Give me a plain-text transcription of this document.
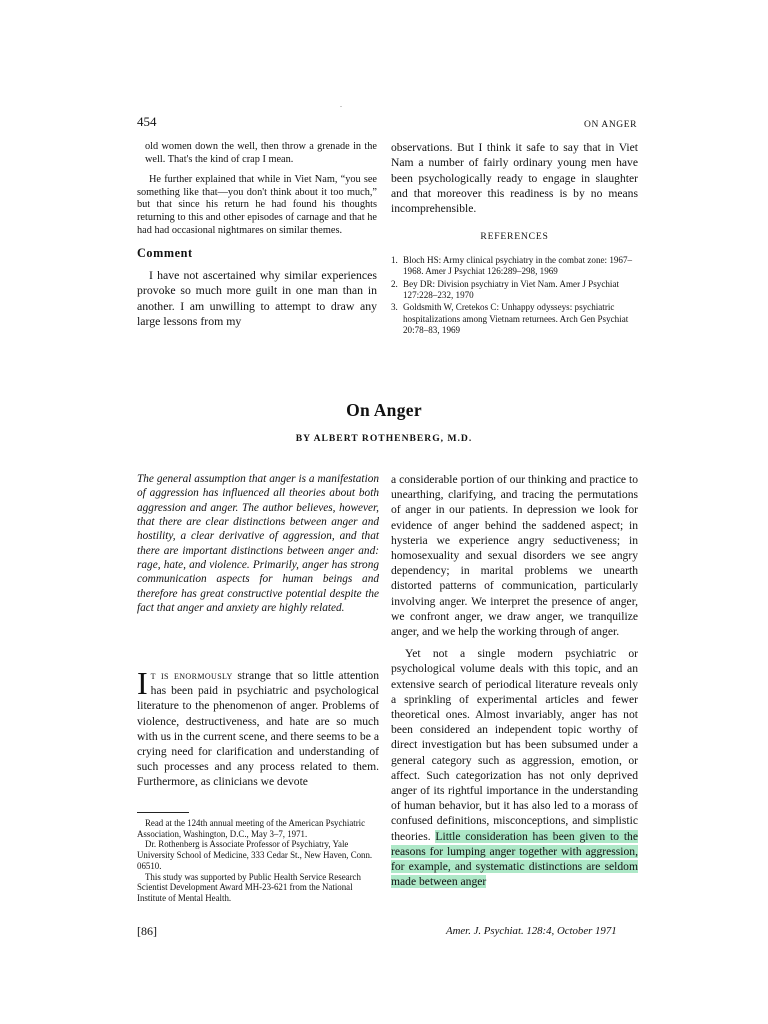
454
.
ON ANGER

old women down the well, then throw a grenade in the well. That's the kind of crap I mean.

He further explained that while in Viet Nam, “you see something like that—you don't think about it too much,” but that since his return he had found his thoughts returning to this and other episodes of carnage and that he had had occasional nightmares on similar themes.

Comment

I have not ascertained why similar experiences provoke so much more guilt in one man than in another. I am unwilling to attempt to draw any large lessons from my

observations. But I think it safe to say that in Viet Nam a number of fairly ordinary young men have been psychologically ready to engage in slaughter and that moreover this readiness is by no means incomprehensible.

REFERENCES
1. Bloch HS: Army clinical psychiatry in the combat zone: 1967–1968. Amer J Psychiat 126:289–298, 1969
2. Bey DR: Division psychiatry in Viet Nam. Amer J Psychiat 127:228–232, 1970
3. Goldsmith W, Cretekos C: Unhappy odysseys: psychiatric hospitalizations among Vietnam returnees. Arch Gen Psychiat 20:78–83, 1969
On Anger
BY ALBERT ROTHENBERG, M.D.
The general assumption that anger is a manifestation of aggression has influenced all theories about both aggression and anger. The author believes, however, that there are clear distinctions between anger and hostility, a clear derivative of aggression, and that there are important distinctions between anger and: rage, hate, and violence. Primarily, anger has strong communication aspects for human beings and therefore has great constructive potential despite the fact that anger and anxiety are highly related.

It is enormously strange that so little attention has been paid in psychiatric and psychological literature to the phenomenon of anger. Problems of violence, destructiveness, and hate are so much with us in the current scene, and there seems to be a crying need for clarification and understanding of such processes and any process related to them. Furthermore, as clinicians we devote

Read at the 124th annual meeting of the American Psychiatric Association, Washington, D.C., May 3–7, 1971.

Dr. Rothenberg is Associate Professor of Psychiatry, Yale University School of Medicine, 333 Cedar St., New Haven, Conn. 06510.

This study was supported by Public Health Service Research Scientist Development Award MH-23-621 from the National Institute of Mental Health.

a considerable portion of our thinking and practice to unearthing, clarifying, and tracing the permutations of anger in our patients. In depression we look for evidence of anger behind the saddened aspect; in hysteria we experience angry seductiveness; in homosexuality and sexual disorders we see angry dependency; in marital problems we unearth distorted patterns of communication, particularly involving anger. We interpret the presence of anger, we confront anger, we draw anger, we tranquilize anger, and we help the working through of anger.

Yet not a single modern psychiatric or psychological volume deals with this topic, and an extensive search of periodical literature reveals only a sprinkling of experimental articles and fewer theoretical ones. Almost invariably, anger has not been considered an independent topic worthy of direct investigation but has been subsumed under a general category such as aggression, emotion, or affect. Such categorization has not only deprived anger of its rightful importance in the understanding of human behavior, but it has also led to a morass of confused definitions, misconceptions, and simplistic theories. Little consideration has been given to the reasons for lumping anger together with aggression, for example, and systematic distinctions are seldom made between anger

[86]	Amer. J. Psychiat. 128:4, October 1971
